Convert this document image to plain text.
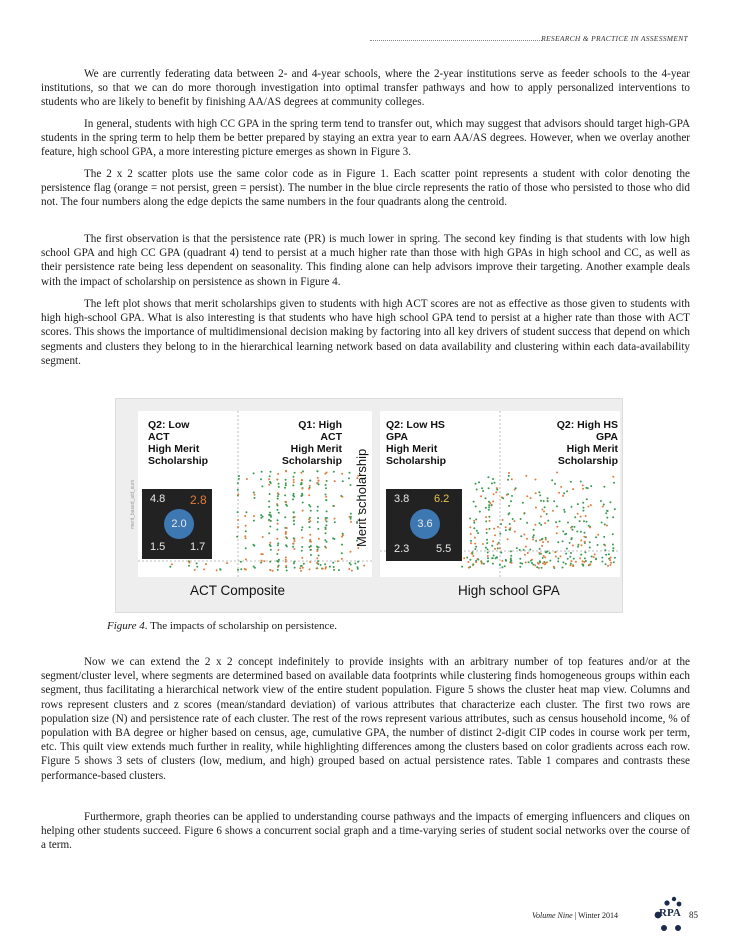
RESEARCH & PRACTICE IN ASSESSMENT

We are currently federating data between 2- and 4-year schools, where the 2-year institutions serve as feeder schools to the 4-year institutions, so that we can do more thorough investigation into optimal transfer pathways and how to apply personalized interventions to students who are likely to benefit by finishing AA/AS degrees at community colleges.

In general, students with high CC GPA in the spring term tend to transfer out, which may suggest that advisors should target high-GPA students in the spring term to help them be better prepared by staying an extra year to earn AA/AS degrees. However, when we overlay another feature, high school GPA, a more interesting picture emerges as shown in Figure 3.

The 2 x 2 scatter plots use the same color code as in Figure 1. Each scatter point represents a student with color denoting the persistence flag (orange = not persist, green = persist). The number in the blue circle represents the ratio of those who persisted to those who did not. The four numbers along the edge depicts the same numbers in the four quadrants along the centroid.

The first observation is that the persistence rate (PR) is much lower in spring. The second key finding is that students with low high school GPA and high CC GPA (quadrant 4) tend to persist at a much higher rate than those with high GPAs in high school and CC, as well as their persistence rate being less dependent on seasonality. This finding alone can help advisors improve their targeting. Another example deals with the impact of scholarship on persistence as shown in Figure 4.

The left plot shows that merit scholarships given to students with high ACT scores are not as effective as those given to students with high high-school GPA. What is also interesting is that students who have high school GPA tend to persist at a higher rate than those with ACT scores. This shows the importance of multidimensional decision making by factoring into all key drivers of student success that depend on which segments and clusters they belong to in the hierarchical learning network based on data availability and clustering within each data-availability segment.

Q2: Low
ACT
High Merit
Scholarship
Q1: High
ACT
High Merit
Scholarship
4.8 2.8
2.0
1.5 1.7
merit_based_aid_sum
ACT Composite
Q2: Low HS
GPA
High Merit
Scholarship
Q2: High HS
GPA
High Merit
Scholarship
3.8 6.2
3.6
2.3 5.5
Merit scholarship
High school GPA
Figure 4. The impacts of scholarship on persistence.

Now we can extend the 2 x 2 concept indefinitely to provide insights with an arbitrary number of top features and/or at the segment/cluster level, where segments are determined based on available data footprints while clustering finds homogeneous groups within each segment, thus facilitating a hierarchical network view of the entire student population. Figure 5 shows the cluster heat map view. Columns and rows represent clusters and z scores (mean/standard deviation) of various attributes that characterize each cluster. The first two rows are population size (N) and persistence rate of each cluster. The rest of the rows represent various attributes, such as census household income, % of population with BA degree or higher based on census, age, cumulative GPA, the number of distinct 2-digit CIP codes in course work per term, etc. This quilt view extends much further in reality, while highlighting differences among the clusters based on color gradients across each row. Figure 5 shows 3 sets of clusters (low, medium, and high) grouped based on actual persistence rates. Table 1 compares and contrasts these performance-based clusters.

Furthermore, graph theories can be applied to understanding course pathways and the impacts of emerging influencers and cliques on helping other students succeed. Figure 6 shows a concurrent social graph and a time-varying series of student social networks over the course of a term.

Volume Nine | Winter 2014	RPA 85
